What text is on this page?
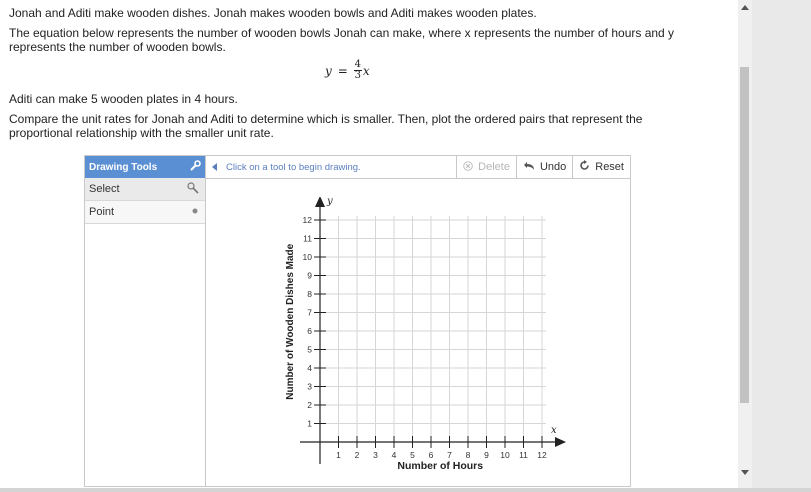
Jonah and Aditi make wooden dishes. Jonah makes wooden bowls and Aditi makes wooden plates.

The equation below represents the number of wooden bowls Jonah can make, where x represents the number of hours and y represents the number of wooden bowls.

$y = \frac{4}{3}$ x

Aditi can make 5 wooden plates in 4 hours.

Compare the unit rates for Jonah and Aditi to determine which is smaller. Then, plot the ordered pairs that represent the proportional relationship with the smaller unit rate.

Drawing Tools
Select
Point
Click on a tool to begin drawing.	Delete	Undo	Reset
1 2 3 4 5 6 7 8 9 10 11 12
1
2
3
4
5
6
7
8
9
10
11
12
x
y
Number of Hours
Number of Wooden Dishes Made
